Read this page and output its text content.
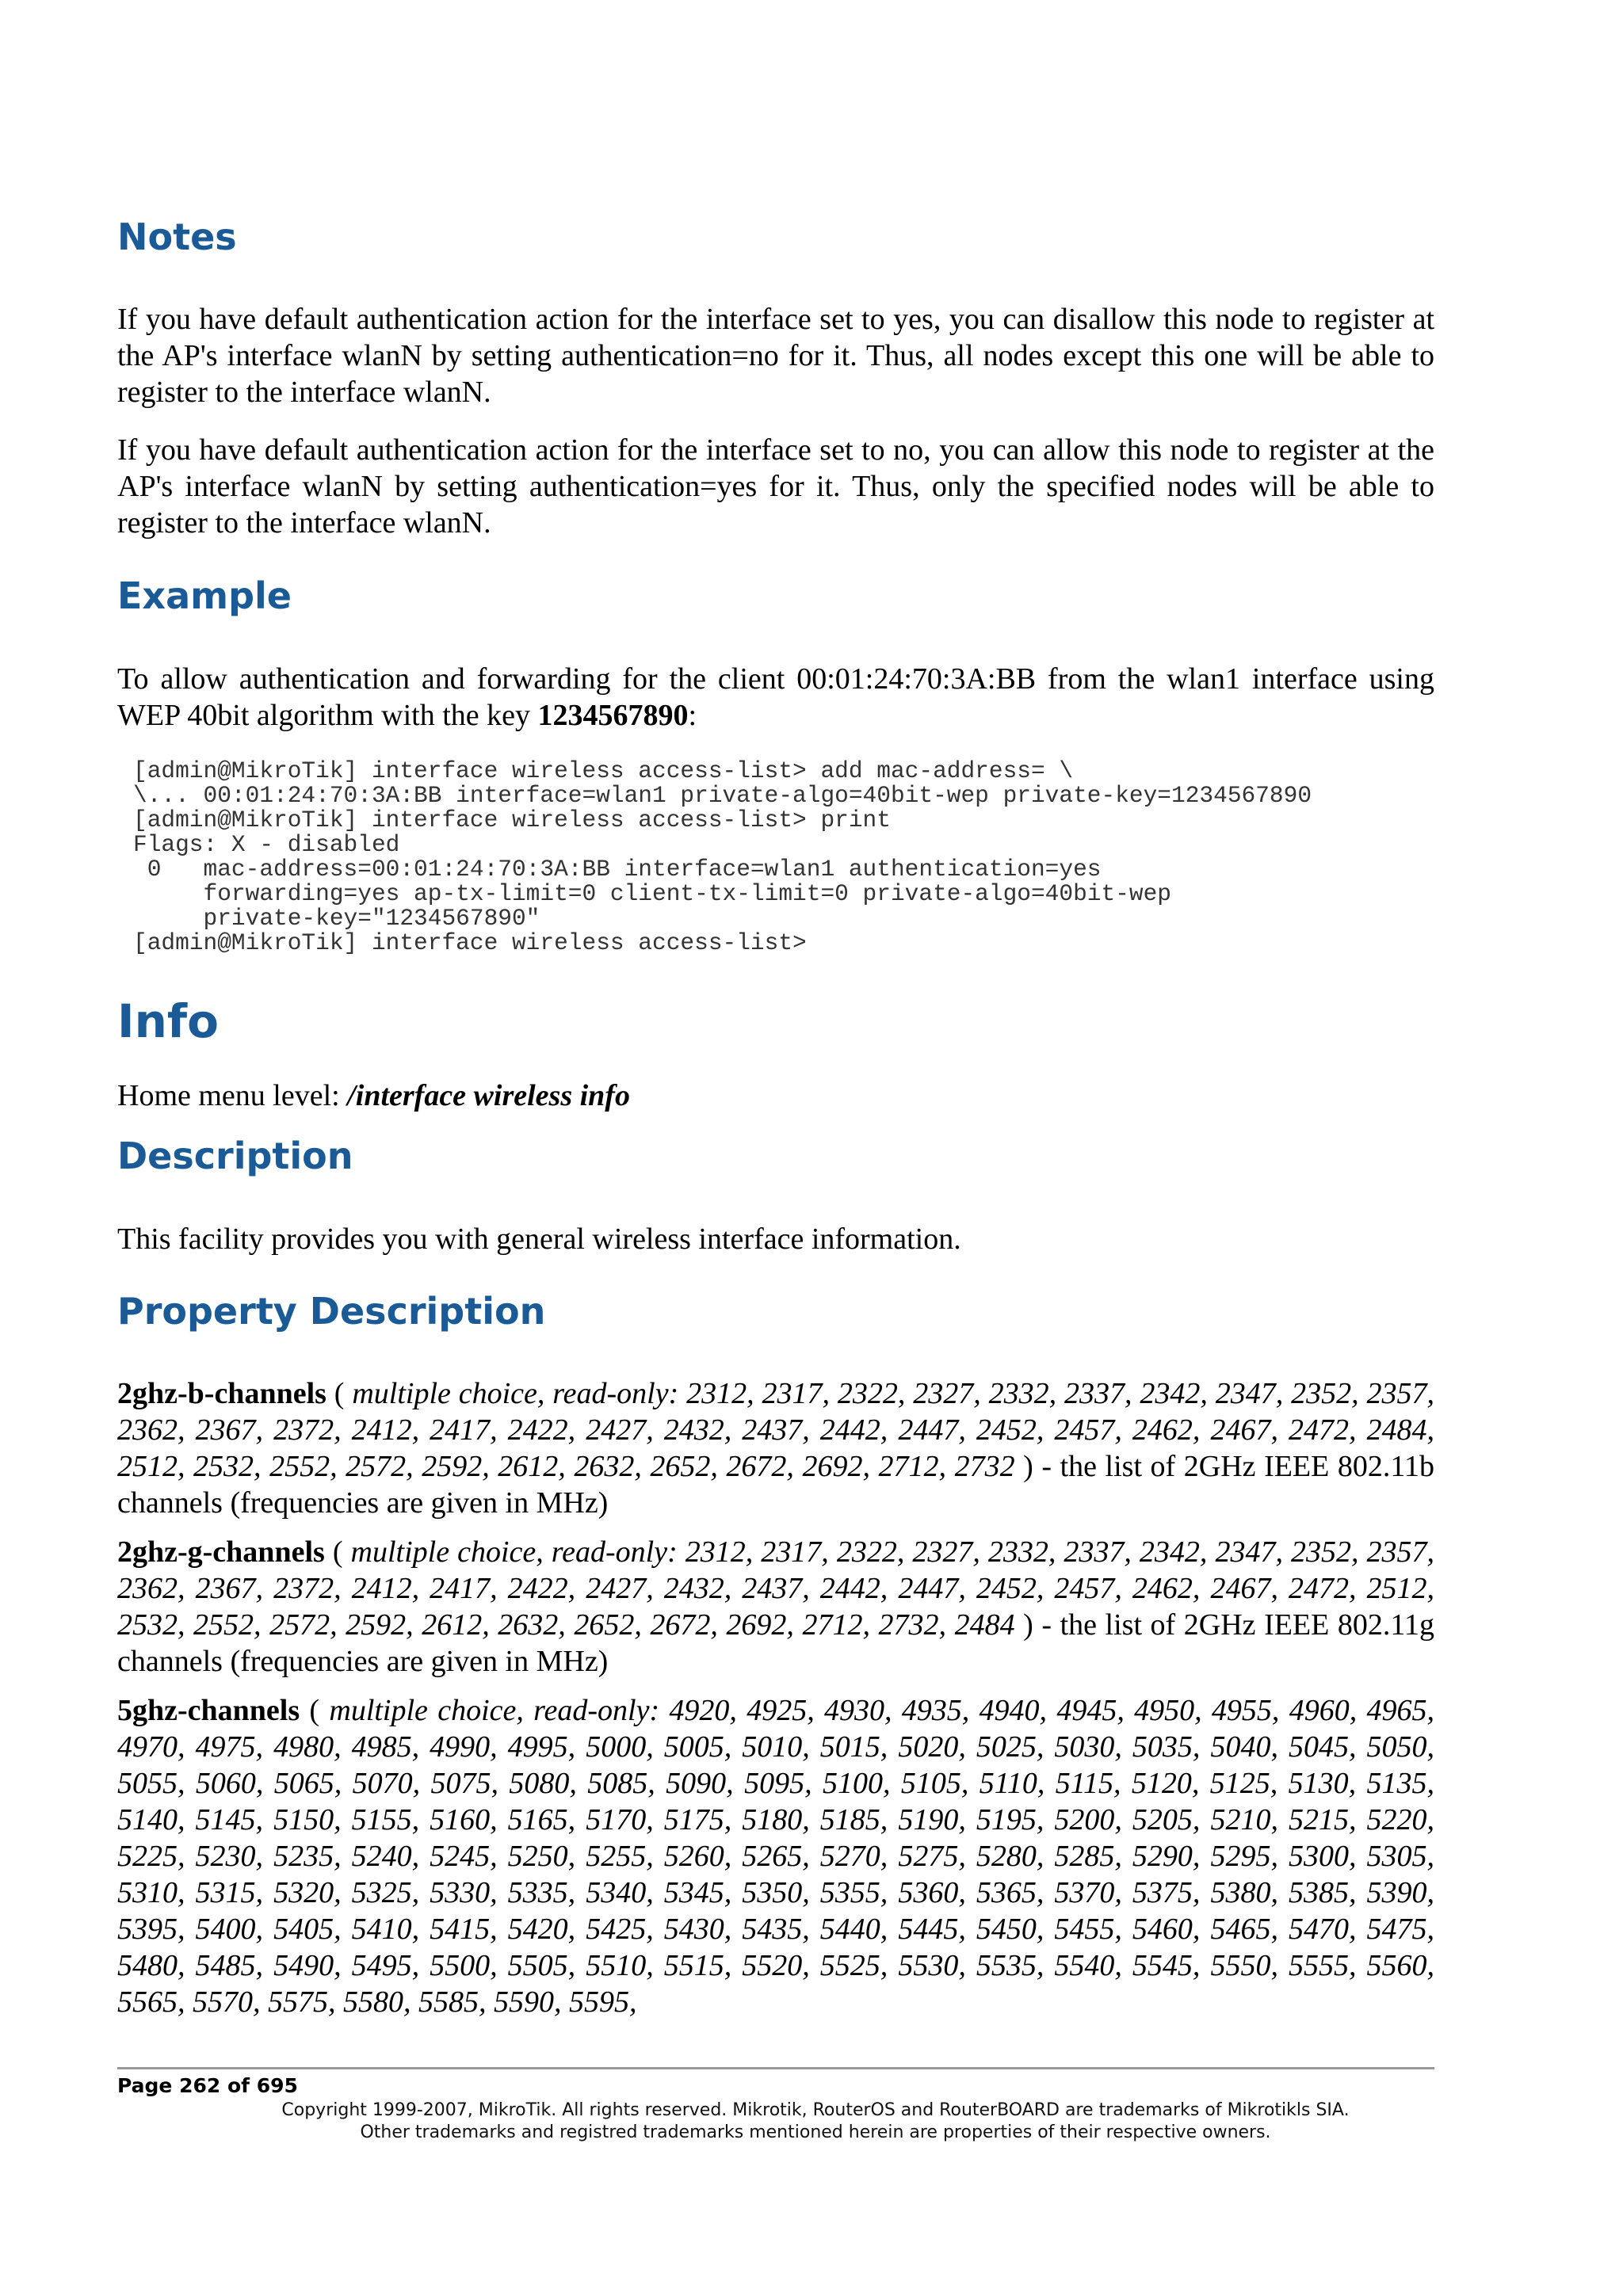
Notes

If you have default authentication action for the interface set to yes, you can disallow this node to register at the AP's interface wlanN by setting authentication=no for it. Thus, all nodes except this one will be able to register to the interface wlanN.

If you have default authentication action for the interface set to no, you can allow this node to register at the AP's interface wlanN by setting authentication=yes for it. Thus, only the specified nodes will be able to register to the interface wlanN.

Example

To allow authentication and forwarding for the client 00:01:24:70:3A:BB from the wlan1 interface using WEP 40bit algorithm with the key 1234567890:

[admin@MikroTik] interface wireless access-list> add mac-address= \
\... 00:01:24:70:3A:BB interface=wlan1 private-algo=40bit-wep private-key=1234567890
[admin@MikroTik] interface wireless access-list> print
Flags: X - disabled
0   mac-address=00:01:24:70:3A:BB interface=wlan1 authentication=yes
forwarding=yes ap-tx-limit=0 client-tx-limit=0 private-algo=40bit-wep
private-key="1234567890"
[admin@MikroTik] interface wireless access-list>
Info

Home menu level: /interface wireless info

Description

This facility provides you with general wireless interface information.

Property Description

2ghz-b-channels ( multiple choice, read-only: 2312, 2317, 2322, 2327, 2332, 2337, 2342, 2347, 2352, 2357, 2362, 2367, 2372, 2412, 2417, 2422, 2427, 2432, 2437, 2442, 2447, 2452, 2457, 2462, 2467, 2472, 2484, 2512, 2532, 2552, 2572, 2592, 2612, 2632, 2652, 2672, 2692, 2712, 2732 ) - the list of 2GHz IEEE 802.11b channels (frequencies are given in MHz)

2ghz-g-channels ( multiple choice, read-only: 2312, 2317, 2322, 2327, 2332, 2337, 2342, 2347, 2352, 2357, 2362, 2367, 2372, 2412, 2417, 2422, 2427, 2432, 2437, 2442, 2447, 2452, 2457, 2462, 2467, 2472, 2512, 2532, 2552, 2572, 2592, 2612, 2632, 2652, 2672, 2692, 2712, 2732, 2484 ) - the list of 2GHz IEEE 802.11g channels (frequencies are given in MHz)

5ghz-channels ( multiple choice, read-only: 4920, 4925, 4930, 4935, 4940, 4945, 4950, 4955, 4960, 4965, 4970, 4975, 4980, 4985, 4990, 4995, 5000, 5005, 5010, 5015, 5020, 5025, 5030, 5035, 5040, 5045, 5050, 5055, 5060, 5065, 5070, 5075, 5080, 5085, 5090, 5095, 5100, 5105, 5110, 5115, 5120, 5125, 5130, 5135, 5140, 5145, 5150, 5155, 5160, 5165, 5170, 5175, 5180, 5185, 5190, 5195, 5200, 5205, 5210, 5215, 5220, 5225, 5230, 5235, 5240, 5245, 5250, 5255, 5260, 5265, 5270, 5275, 5280, 5285, 5290, 5295, 5300, 5305, 5310, 5315, 5320, 5325, 5330, 5335, 5340, 5345, 5350, 5355, 5360, 5365, 5370, 5375, 5380, 5385, 5390, 5395, 5400, 5405, 5410, 5415, 5420, 5425, 5430, 5435, 5440, 5445, 5450, 5455, 5460, 5465, 5470, 5475, 5480, 5485, 5490, 5495, 5500, 5505, 5510, 5515, 5520, 5525, 5530, 5535, 5540, 5545, 5550, 5555, 5560, 5565, 5570, 5575, 5580, 5585, 5590, 5595,

Page 262 of 695
Copyright 1999-2007, MikroTik. All rights reserved. Mikrotik, RouterOS and RouterBOARD are trademarks of Mikrotikls SIA.
Other trademarks and registred trademarks mentioned herein are properties of their respective owners.
